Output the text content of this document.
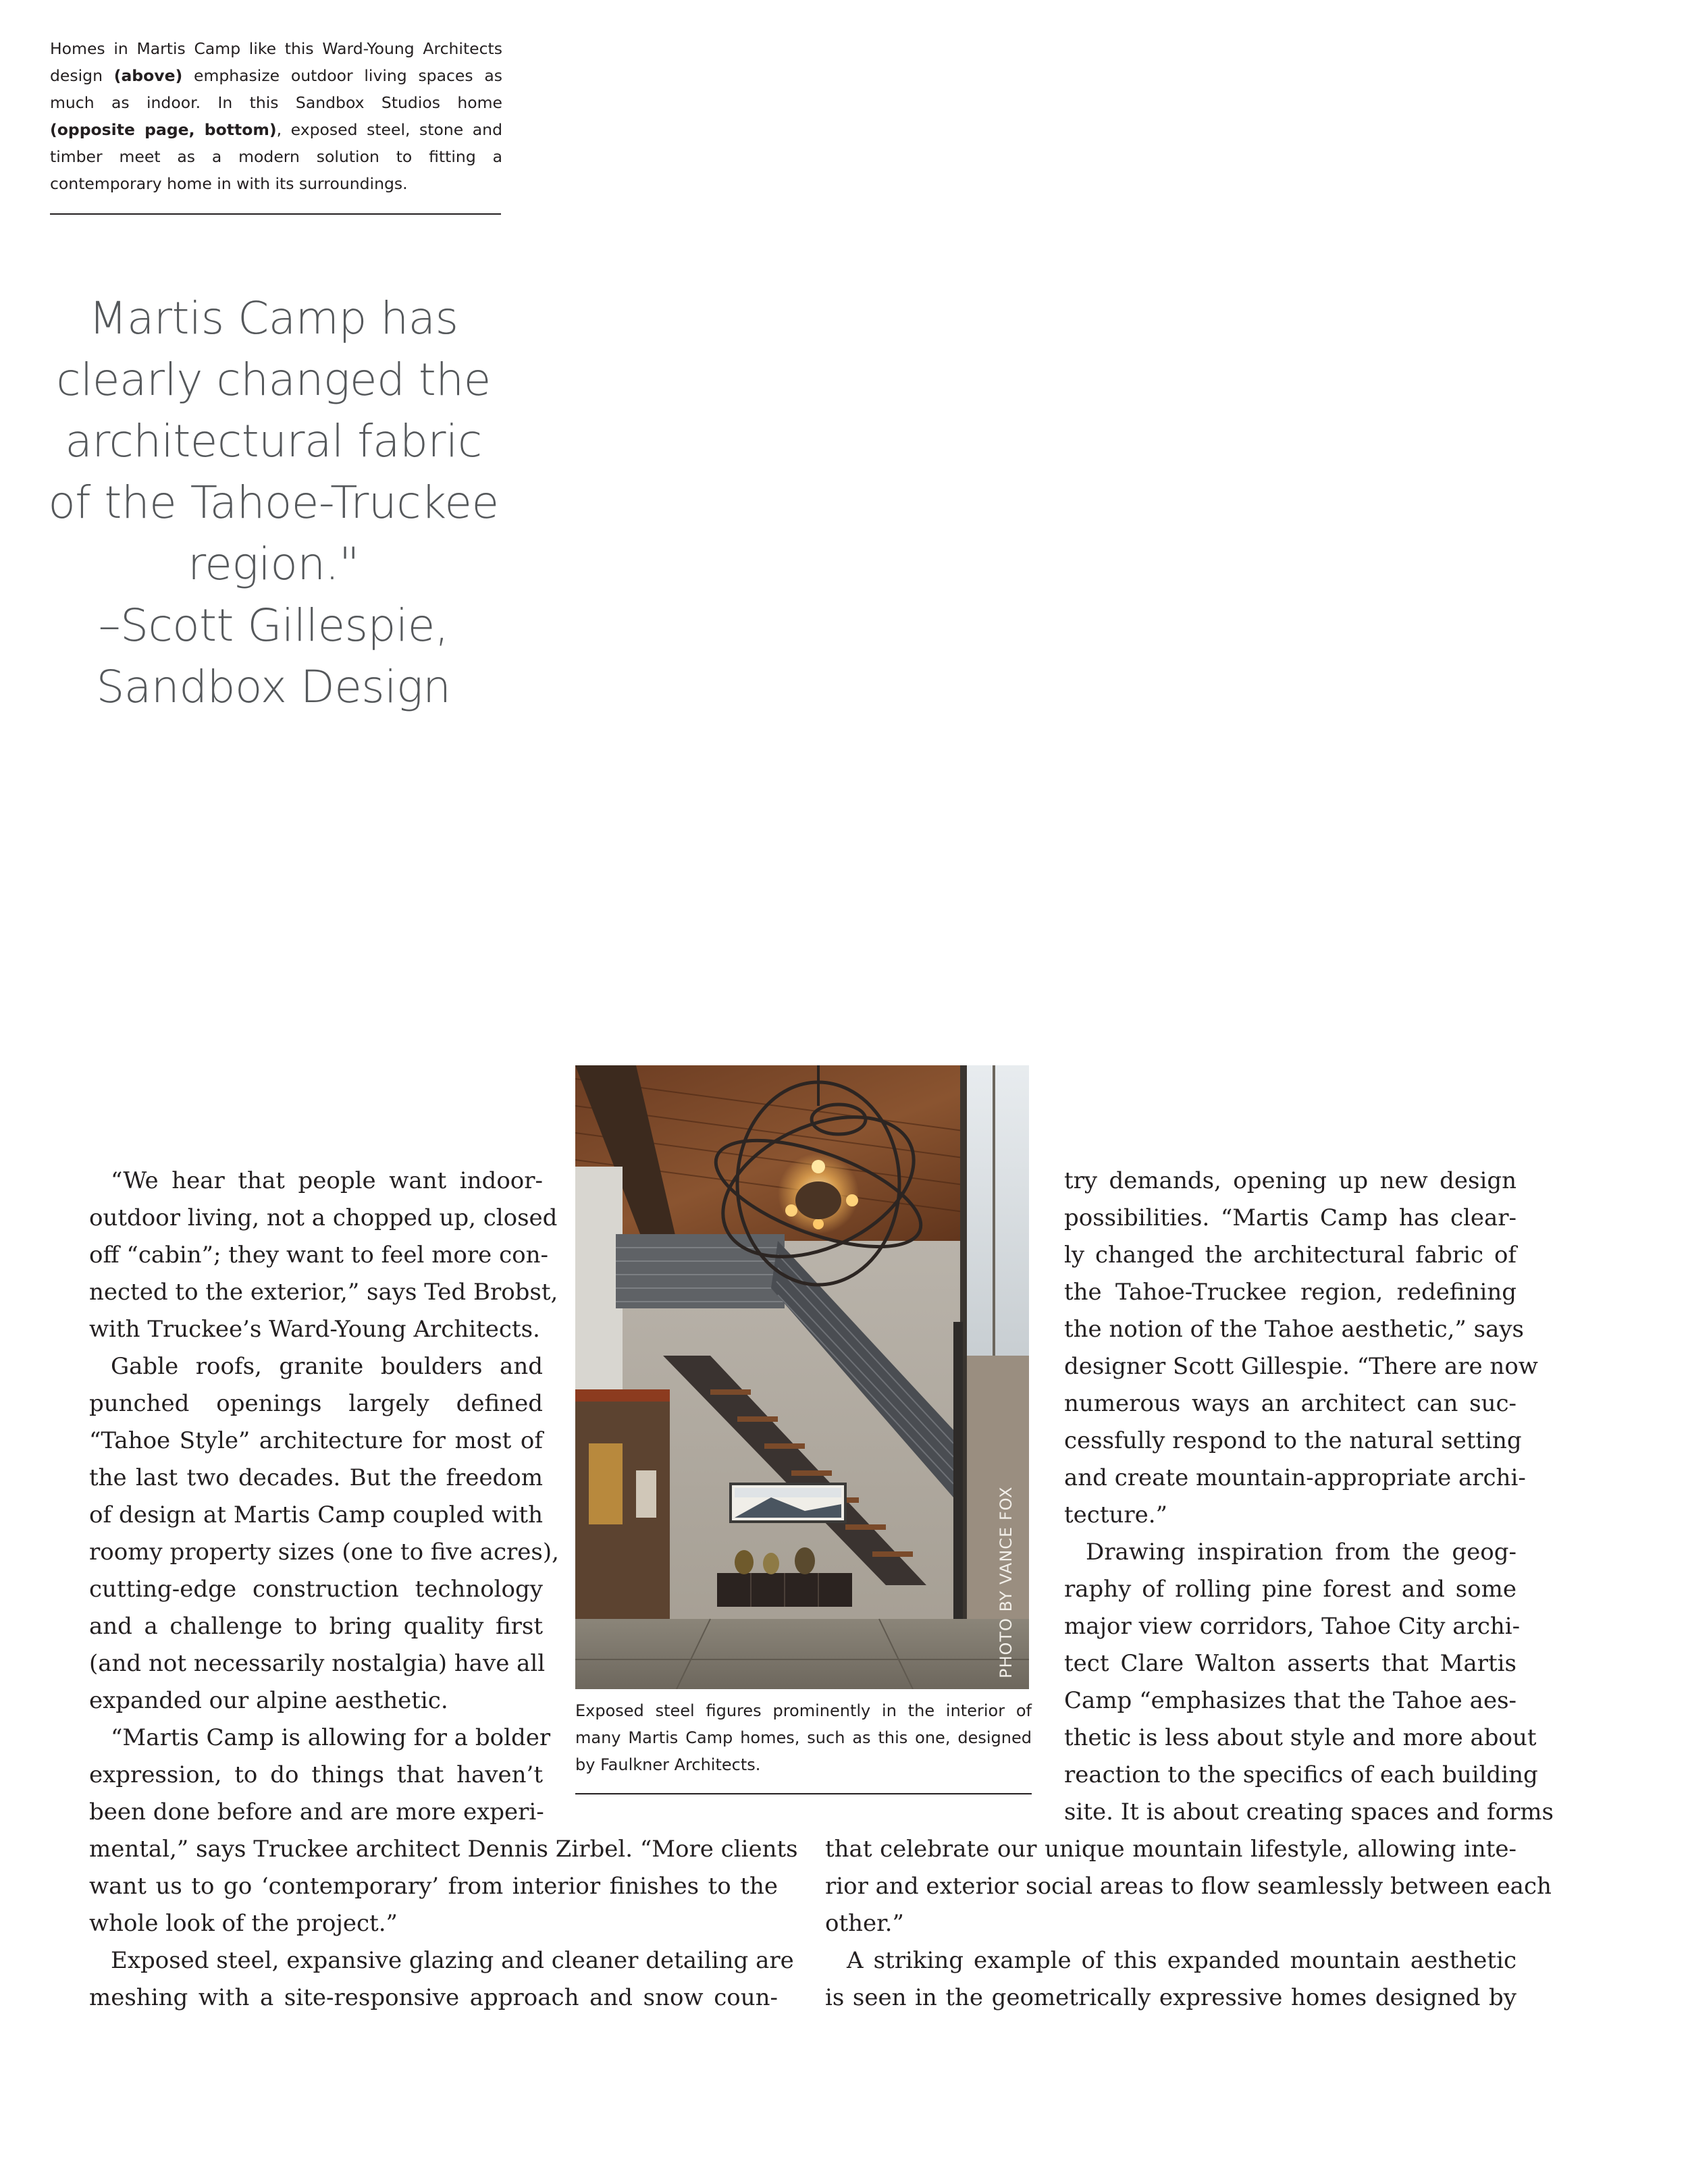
Homes in Martis Camp like this Ward-Young Architects design (above) emphasize outdoor living spaces as much as indoor. In this Sandbox Studios home (opposite page, bottom), exposed steel, stone and timber meet as a modern solution to fitting a contemporary home in with its surroundings.

Martis Camp has
clearly changed the
architectural fabric
of the Tahoe-Truckee
region."
–Scott Gillespie,
Sandbox Design
PHOTO BY VANCE FOX

Exposed steel figures prominently in the interior of many Martis Camp homes, such as this one, designed by Faulkner Architects.

“We hear that people want indoor-
outdoor living, not a chopped up, closed
off “cabin”; they want to feel more con-
nected to the exterior,” says Ted Brobst,
with Truckee’s Ward-Young Architects.
Gable roofs, granite boulders and
punched openings largely defined
“Tahoe Style” architecture for most of
the last two decades. But the freedom
of design at Martis Camp coupled with
roomy property sizes (one to five acres),
cutting-edge construction technology
and a challenge to bring quality first
(and not necessarily nostalgia) have all
expanded our alpine aesthetic.
“Martis Camp is allowing for a bolder
expression, to do things that haven’t
been done before and are more experi-
mental,” says Truckee architect Dennis Zirbel. “More clients
want us to go ‘contemporary’ from interior finishes to the
whole look of the project.”
Exposed steel, expansive glazing and cleaner detailing are
meshing with a site-responsive approach and snow coun-
try demands, opening up new design
possibilities. “Martis Camp has clear-
ly changed the architectural fabric of
the Tahoe-Truckee region, redefining
the notion of the Tahoe aesthetic,” says
designer Scott Gillespie. “There are now
numerous ways an architect can suc-
cessfully respond to the natural setting
and create mountain-appropriate archi-
tecture.”
Drawing inspiration from the geog-
raphy of rolling pine forest and some
major view corridors, Tahoe City archi-
tect Clare Walton asserts that Martis
Camp “emphasizes that the Tahoe aes-
thetic is less about style and more about
reaction to the specifics of each building
site. It is about creating spaces and forms
that celebrate our unique mountain lifestyle, allowing inte-
rior and exterior social areas to flow seamlessly between each
other.”
A striking example of this expanded mountain aesthetic
is seen in the geometrically expressive homes designed by
